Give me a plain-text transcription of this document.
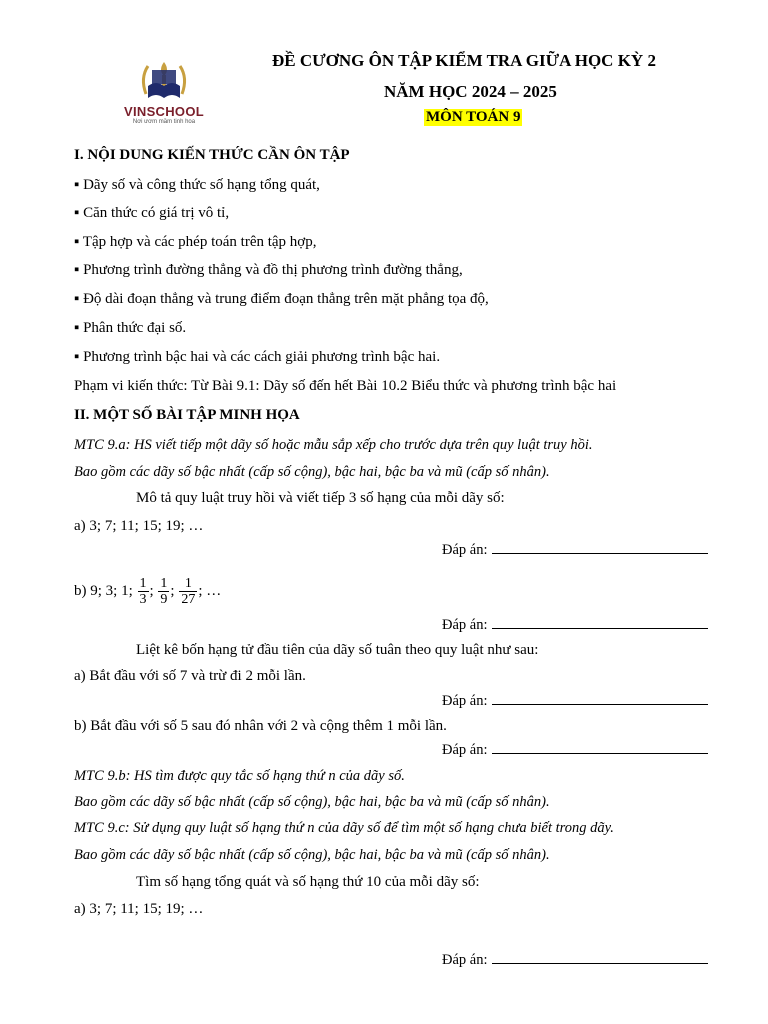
VINSCHOOL
Nơi ươm mầm tinh hoa
ĐỀ CƯƠNG ÔN TẬP KIỂM TRA GIỮA HỌC KỲ 2
NĂM HỌC 2024 – 2025
MÔN TOÁN 9
I. NỘI DUNG KIẾN THỨC CẦN ÔN TẬP
▪ Dãy số và công thức số hạng tổng quát,
▪ Căn thức có giá trị vô tỉ,
▪ Tập hợp và các phép toán trên tập hợp,
▪ Phương trình đường thẳng và đồ thị phương trình đường thẳng,
▪ Độ dài đoạn thẳng và trung điểm đoạn thẳng trên mặt phẳng tọa độ,
▪ Phân thức đại số.
▪ Phương trình bậc hai và các cách giải phương trình bậc hai.
Phạm vi kiến thức: Từ Bài 9.1: Dãy số đến hết Bài 10.2 Biểu thức và phương trình bậc hai
II. MỘT SỐ BÀI TẬP MINH HỌA
MTC 9.a: HS viết tiếp một dãy số hoặc mẫu sắp xếp cho trước dựa trên quy luật truy hồi.
Bao gồm các dãy số bậc nhất (cấp số cộng), bậc hai, bậc ba và mũ (cấp số nhân).
Mô tả quy luật truy hồi và viết tiếp 3 số hạng của mỗi dãy số:
a) 3; 7; 11; 15; 19; …
Đáp án:
b) 9; 3; 1; $\frac{1}{3}$ ; $\frac{1}{9}$ ; $\frac{1}{27}$ ; …
Đáp án:
Liệt kê bốn hạng tử đầu tiên của dãy số tuân theo quy luật như sau:
a) Bắt đầu với số 7 và trừ đi 2 mỗi lần.
Đáp án:
b) Bắt đầu với số 5 sau đó nhân với 2 và cộng thêm 1 mỗi lần.
Đáp án:
MTC 9.b: HS tìm được quy tắc số hạng thứ n của dãy số.
Bao gồm các dãy số bậc nhất (cấp số cộng), bậc hai, bậc ba và mũ (cấp số nhân).
MTC 9.c: Sử dụng quy luật số hạng thứ n của dãy số để tìm một số hạng chưa biết trong dãy.
Bao gồm các dãy số bậc nhất (cấp số cộng), bậc hai, bậc ba và mũ (cấp số nhân).
Tìm số hạng tổng quát và số hạng thứ 10 của mỗi dãy số:
a) 3; 7; 11; 15; 19; …
Đáp án:
